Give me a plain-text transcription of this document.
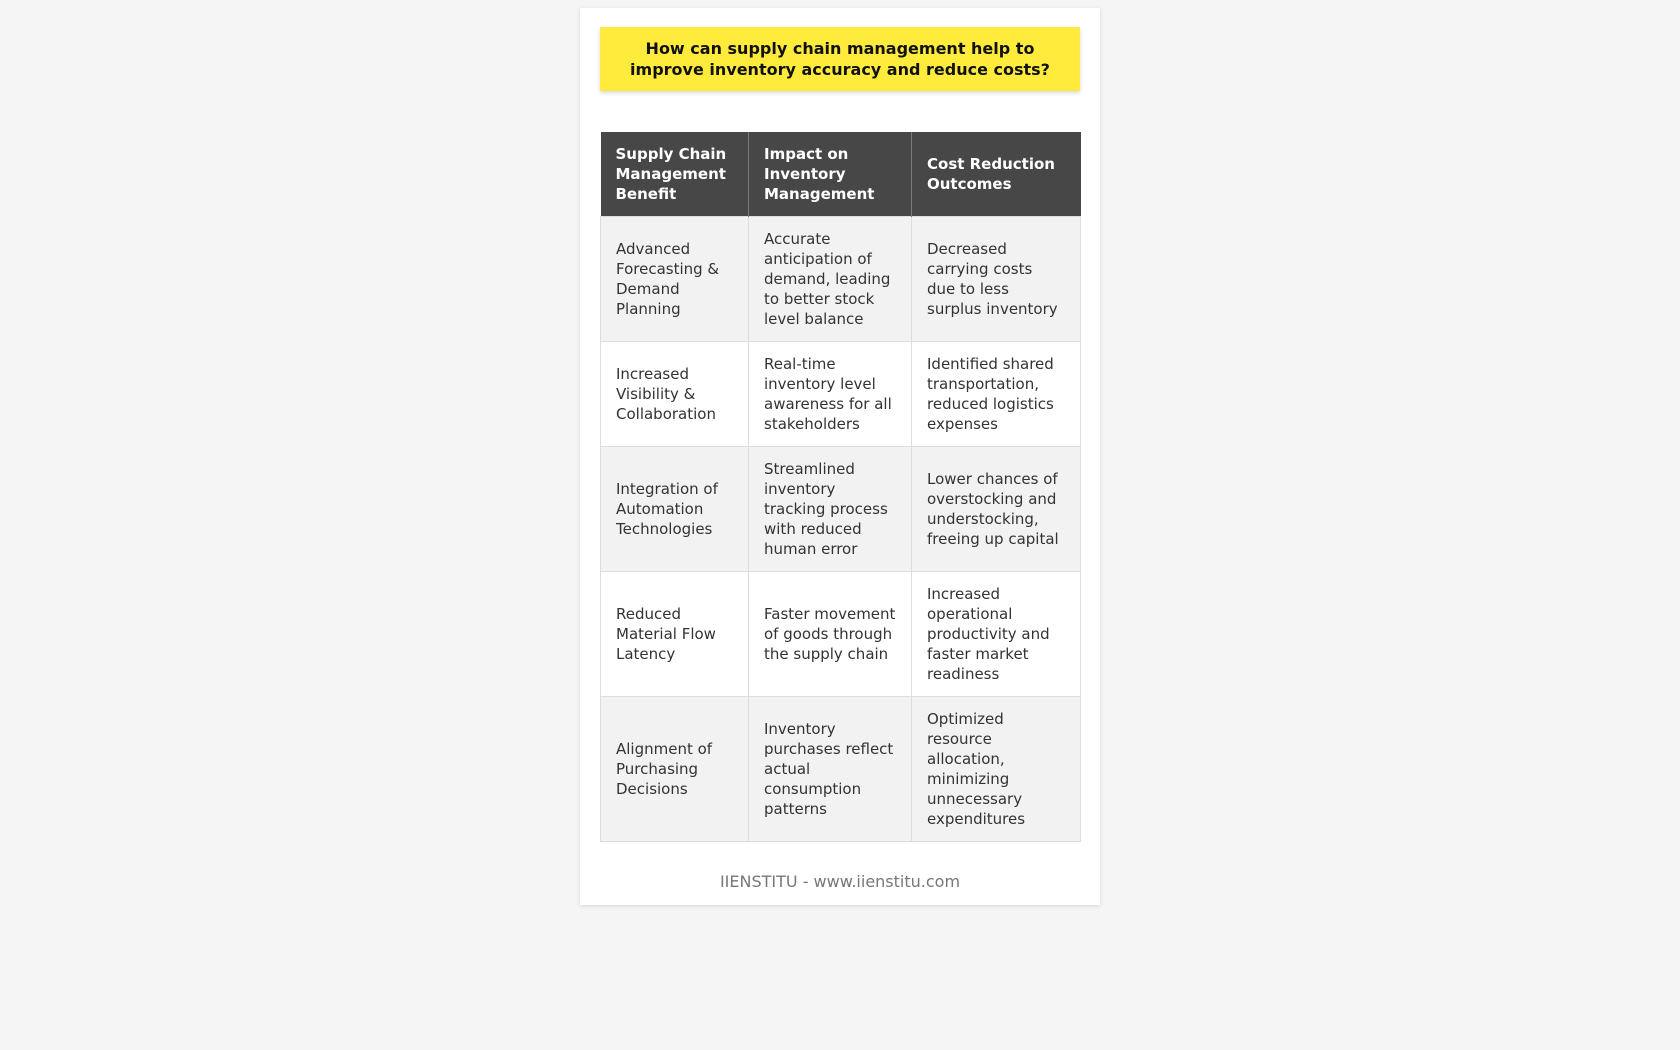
How can supply chain management help to improve inventory accuracy and reduce costs?
Supply Chain Management Benefit	Impact on Inventory Management	Cost Reduction Outcomes
Advanced Forecasting & Demand Planning	Accurate anticipation of demand, leading to better stock level balance	Decreased carrying costs due to less surplus inventory
Increased Visibility & Collaboration	Real-time inventory level awareness for all stakeholders	Identified shared transportation, reduced logistics expenses
Integration of Automation Technologies	Streamlined inventory tracking process with reduced human error	Lower chances of overstocking and understocking, freeing up capital
Reduced Material Flow Latency	Faster movement of goods through the supply chain	Increased operational productivity and faster market readiness
Alignment of Purchasing Decisions	Inventory purchases reflect actual consumption patterns	Optimized resource allocation, minimizing unnecessary expenditures
IIENSTITU - www.iienstitu.com
